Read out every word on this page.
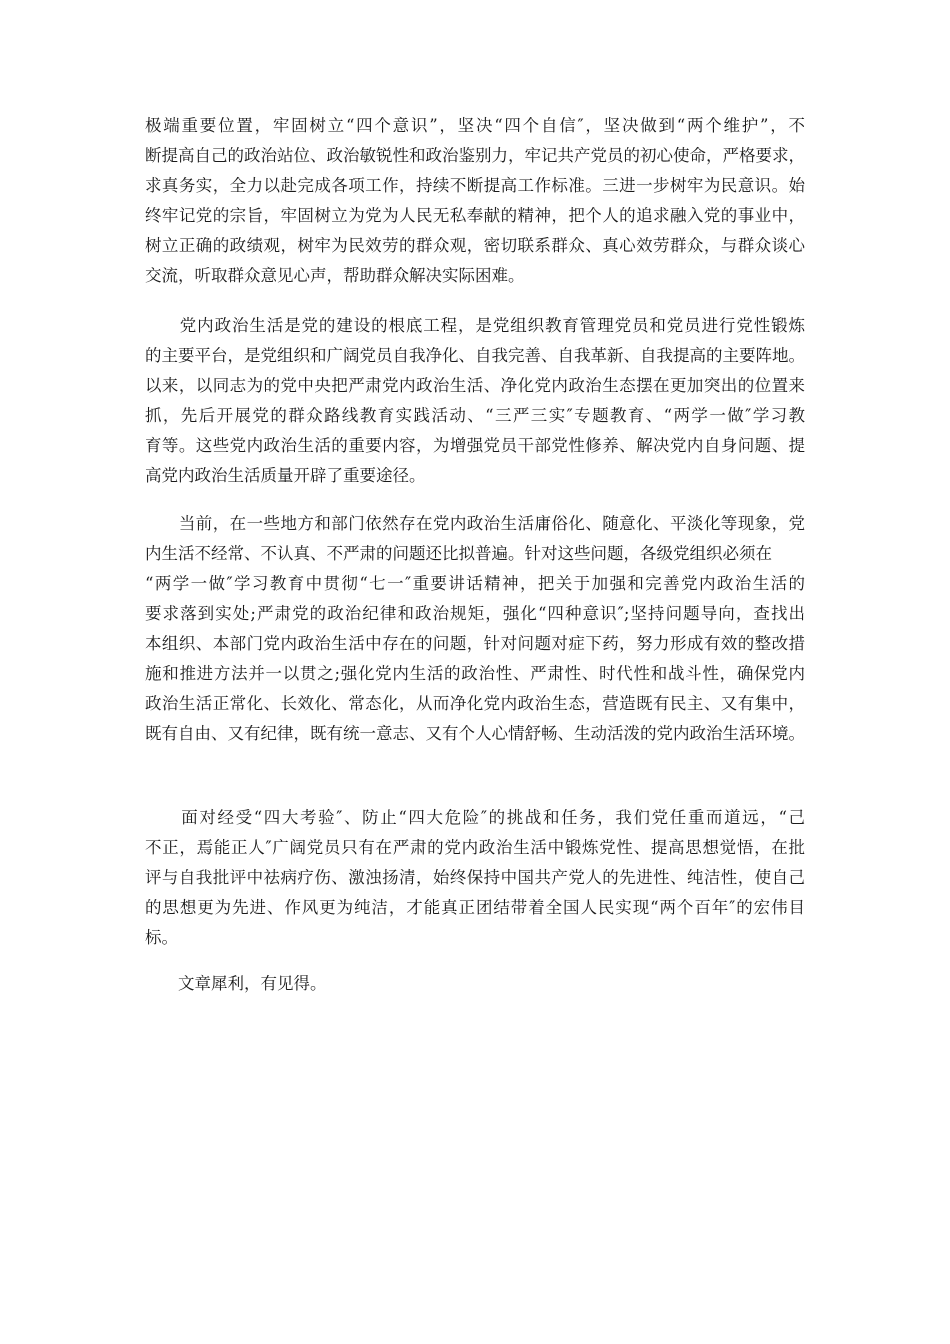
极端重要位置，牢固树立“四个意识”，坚决“四个自信″，坚决做到“两个维护”，不
断提高自己的政治站位、政治敏锐性和政治鉴别力，牢记共产党员的初心使命，严格要求，
求真务实，全力以赴完成各项工作，持续不断提高工作标准。三进一步树牢为民意识。始
终牢记党的宗旨，牢固树立为党为人民无私奉献的精神，把个人的追求融入党的事业中，
树立正确的政绩观，树牢为民效劳的群众观，密切联系群众、真心效劳群众，与群众谈心
交流，听取群众意见心声，帮助群众解决实际困难。
　　党内政治生活是党的建设的根底工程，是党组织教育管理党员和党员进行党性锻炼
的主要平台，是党组织和广阔党员自我净化、自我完善、自我革新、自我提高的主要阵地。
以来，以同志为的党中央把严肃党内政治生活、净化党内政治生态摆在更加突出的位置来
抓，先后开展党的群众路线教育实践活动、“三严三实″专题教育、“两学一做″学习教
育等。这些党内政治生活的重要内容，为增强党员干部党性修养、解决党内自身问题、提
高党内政治生活质量开辟了重要途径。
　　当前，在一些地方和部门依然存在党内政治生活庸俗化、随意化、平淡化等现象，党
内生活不经常、不认真、不严肃的问题还比拟普遍。针对这些问题，各级党组织必须在
“两学一做″学习教育中贯彻“七一″重要讲话精神，把关于加强和完善党内政治生活的
要求落到实处;严肃党的政治纪律和政治规矩，强化“四种意识″;坚持问题导向，查找出
本组织、本部门党内政治生活中存在的问题，针对问题对症下药，努力形成有效的整改措
施和推进方法并一以贯之;强化党内生活的政治性、严肃性、时代性和战斗性，确保党内
政治生活正常化、长效化、常态化，从而净化党内政治生态，营造既有民主、又有集中，
既有自由、又有纪律，既有统一意志、又有个人心情舒畅、生动活泼的党内政治生活环境。
　　面对经受“四大考验″、防止“四大危险″的挑战和任务，我们党任重而道远，“己
不正，焉能正人″广阔党员只有在严肃的党内政治生活中锻炼党性、提高思想觉悟，在批
评与自我批评中祛病疗伤、激浊扬清，始终保持中国共产党人的先进性、纯洁性，使自己
的思想更为先进、作风更为纯洁，才能真正团结带着全国人民实现“两个百年″的宏伟目
标。
　　文章犀利，有见得。
